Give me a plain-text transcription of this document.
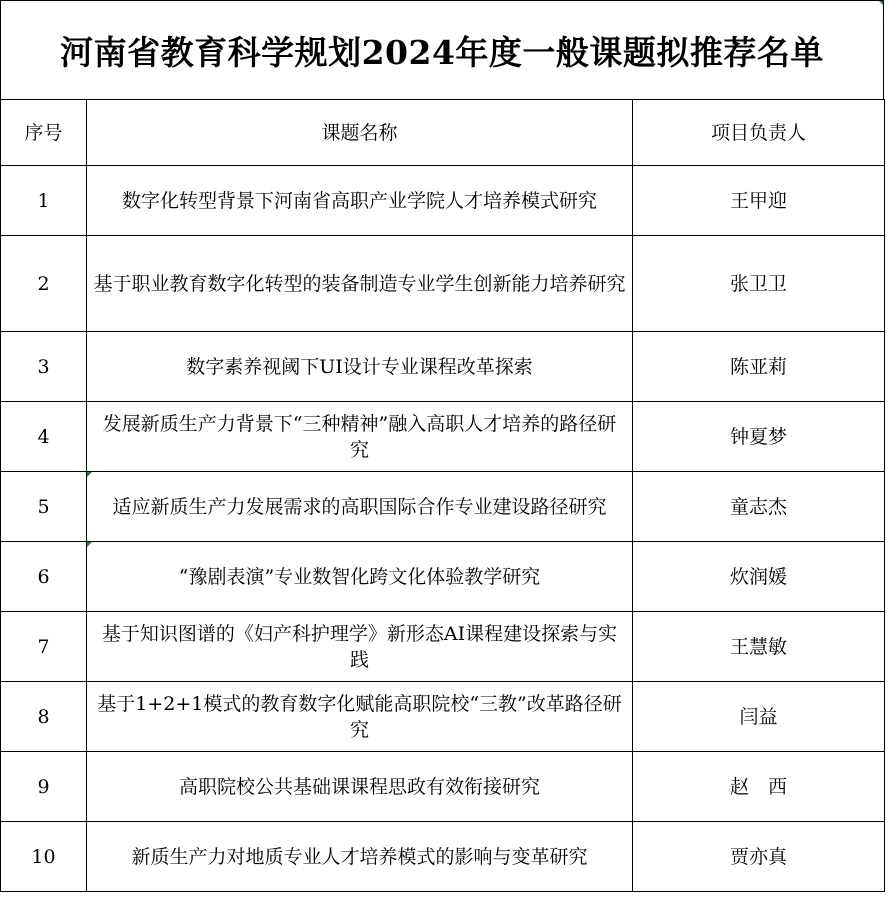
河南省教育科学规划2024年度一般课题拟推荐名单
序号	课题名称	项目负责人
1	数字化转型背景下河南省高职产业学院人才培养模式研究	王甲迎
2	基于职业教育数字化转型的装备制造专业学生创新能力培养研究	张卫卫
3	数字素养视阈下UI设计专业课程改革探索	陈亚莉
4	发展新质生产力背景下“三种精神”融入高职人才培养的路径研究	钟夏梦
5	适应新质生产力发展需求的高职国际合作专业建设路径研究	童志杰
6	“豫剧表演”专业数智化跨文化体验教学研究	炊润媛
7	基于知识图谱的《妇产科护理学》新形态AI课程建设探索与实践	王慧敏
8	基于1+2+1模式的教育数字化赋能高职院校“三教”改革路径研究	闫益
9	高职院校公共基础课课程思政有效衔接研究	赵　西
10	新质生产力对地质专业人才培养模式的影响与变革研究	贾亦真
